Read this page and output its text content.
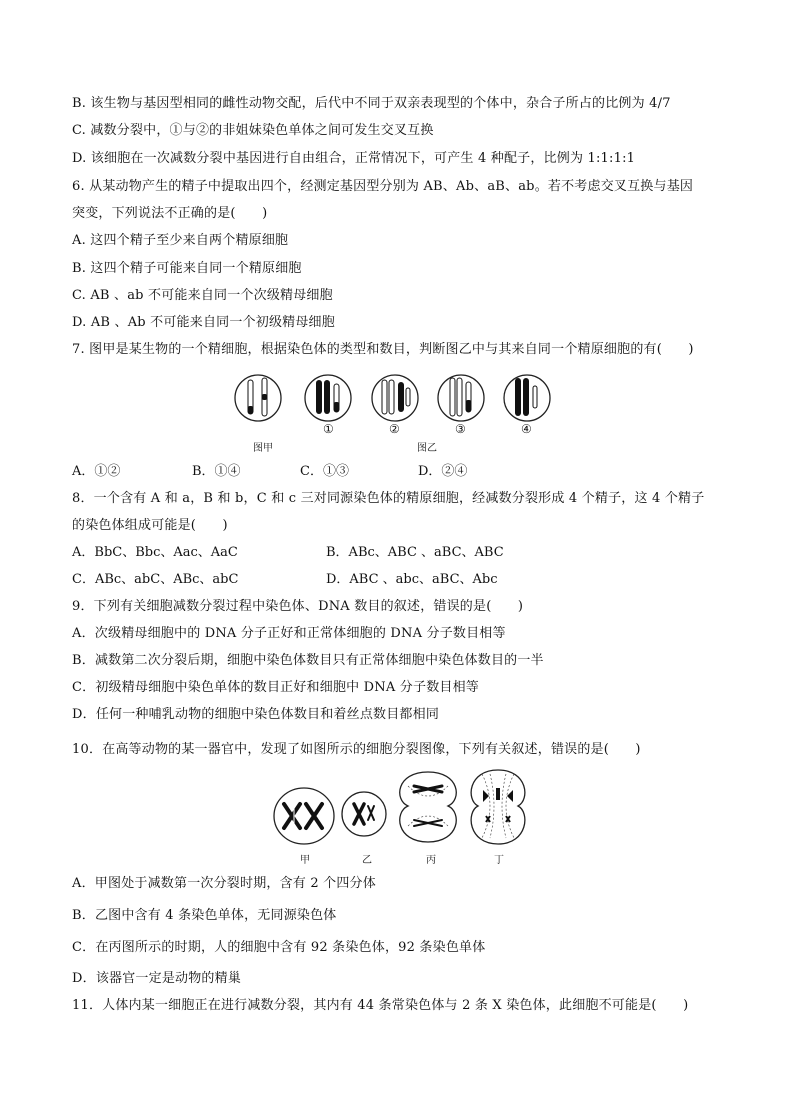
B. 该生物与基因型相同的雌性动物交配，后代中不同于双亲表现型的个体中，杂合子所占的比例为 4/7
C. 减数分裂中，①与②的非姐妹染色单体之间可发生交叉互换
D. 该细胞在一次减数分裂中基因进行自由组合，正常情况下，可产生 4 种配子，比例为 1:1:1:1
6. 从某动物产生的精子中提取出四个，经测定基因型分别为 AB、Ab、aB、ab。若不考虑交叉互换与基因
突变，下列说法不正确的是(　　)
A. 这四个精子至少来自两个精原细胞
B. 这四个精子可能来自同一个精原细胞
C. AB 、ab 不可能来自同一个次级精母细胞
D. AB 、Ab 不可能来自同一个初级精母细胞
7. 图甲是某生物的一个精细胞，根据染色体的类型和数目，判断图乙中与其来自同一个精原细胞的有(　　)
图甲
①	②
图乙
③	④
A．①②	B．①④	C．①③	D．②④
8．一个含有 A 和 a，B 和 b，C 和 c 三对同源染色体的精原细胞，经减数分裂形成 4 个精子，这 4 个精子
的染色体组成可能是(　　)
A．BbC、Bbc、Aac、AaC	B．ABc、ABC 、aBC、ABC
C．ABc、abC、ABc、abC	D．ABC 、abc、aBC、Abc
9．下列有关细胞减数分裂过程中染色体、DNA 数目的叙述，错误的是(　　)
A．次级精母细胞中的 DNA 分子正好和正常体细胞的 DNA 分子数目相等
B．减数第二次分裂后期，细胞中染色体数目只有正常体细胞中染色体数目的一半
C．初级精母细胞中染色单体的数目正好和细胞中 DNA 分子数目相等
D．任何一种哺乳动物的细胞中染色体数目和着丝点数目都相同
10．在高等动物的某一器官中，发现了如图所示的细胞分裂图像，下列有关叙述，错误的是(　　)
甲	乙	丙	丁
A．甲图处于减数第一次分裂时期，含有 2 个四分体
B．乙图中含有 4 条染色单体，无同源染色体
C．在丙图所示的时期，人的细胞中含有 92 条染色体，92 条染色单体
D．该器官一定是动物的精巢
11．人体内某一细胞正在进行减数分裂，其内有 44 条常染色体与 2 条 X 染色体，此细胞不可能是(　　)
